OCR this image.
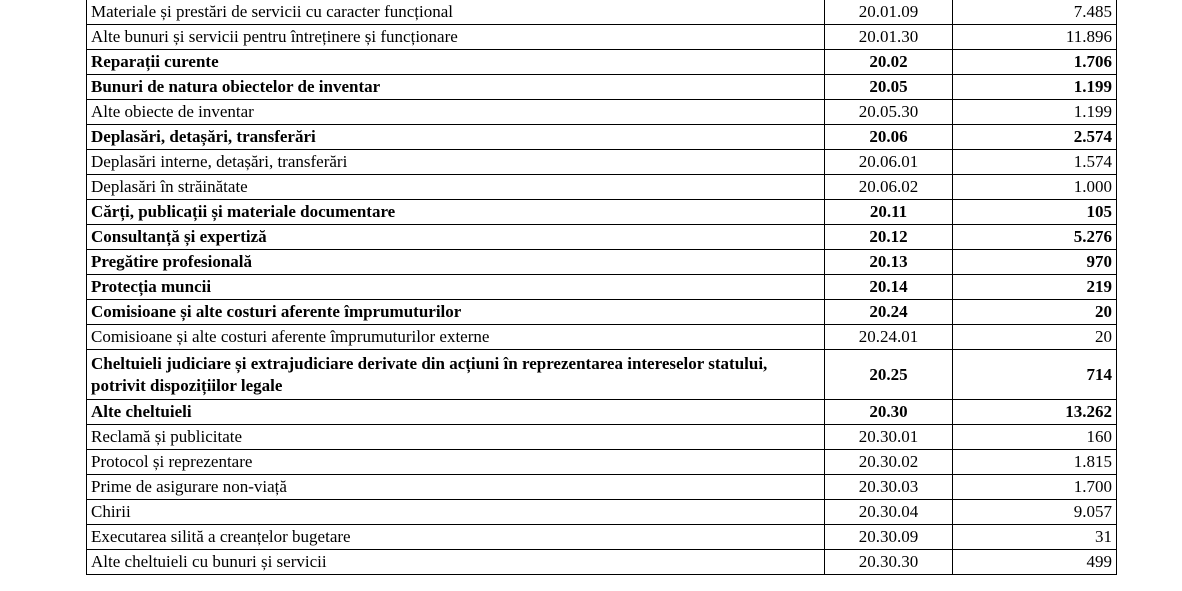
Materiale și prestări de servicii cu caracter funcțional	20.01.09	7.485
Alte bunuri și servicii pentru întreținere și funcționare	20.01.30	11.896
Reparații curente	20.02	1.706
Bunuri de natura obiectelor de inventar	20.05	1.199
Alte obiecte de inventar	20.05.30	1.199
Deplasări, detașări, transferări	20.06	2.574
Deplasări interne, detașări, transferări	20.06.01	1.574
Deplasări în străinătate	20.06.02	1.000
Cărți, publicații și materiale documentare	20.11	105
Consultanță și expertiză	20.12	5.276
Pregătire profesională	20.13	970
Protecția muncii	20.14	219
Comisioane și alte costuri aferente împrumuturilor	20.24	20
Comisioane și alte costuri aferente împrumuturilor externe	20.24.01	20
Cheltuieli judiciare și extrajudiciare derivate din acțiuni în reprezentarea intereselor statului, potrivit dispozițiilor legale	20.25	714
Alte cheltuieli	20.30	13.262
Reclamă și publicitate	20.30.01	160
Protocol și reprezentare	20.30.02	1.815
Prime de asigurare non-viață	20.30.03	1.700
Chirii	20.30.04	9.057
Executarea silită a creanțelor bugetare	20.30.09	31
Alte cheltuieli cu bunuri și servicii	20.30.30	499
